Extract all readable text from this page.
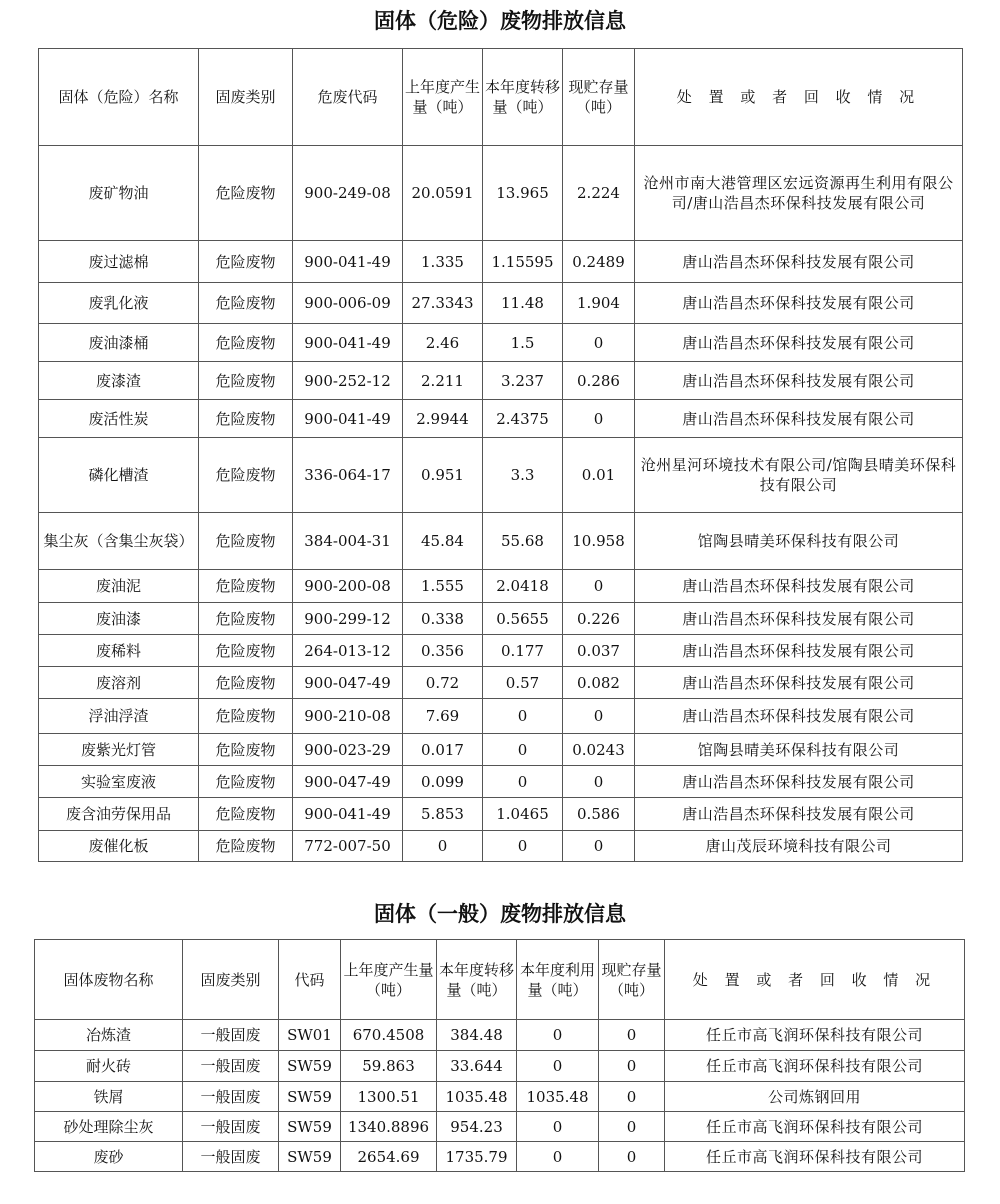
固体（危险）废物排放信息
固体（危险）名称	固废类别	危废代码	上年度产生量（吨）	本年度转移量（吨）	现贮存量（吨）	处 置 或 者 回 收 情 况
废矿物油	危险废物	900-249-08	20.0591	13.965	2.224	沧州市南大港管理区宏远资源再生利用有限公司/唐山浩昌杰环保科技发展有限公司
废过滤棉	危险废物	900-041-49	1.335	1.15595	0.2489	唐山浩昌杰环保科技发展有限公司
废乳化液	危险废物	900-006-09	27.3343	11.48	1.904	唐山浩昌杰环保科技发展有限公司
废油漆桶	危险废物	900-041-49	2.46	1.5	0	唐山浩昌杰环保科技发展有限公司
废漆渣	危险废物	900-252-12	2.211	3.237	0.286	唐山浩昌杰环保科技发展有限公司
废活性炭	危险废物	900-041-49	2.9944	2.4375	0	唐山浩昌杰环保科技发展有限公司
磷化槽渣	危险废物	336-064-17	0.951	3.3	0.01	沧州星河环境技术有限公司/馆陶县晴美环保科技有限公司
集尘灰（含集尘灰袋）	危险废物	384-004-31	45.84	55.68	10.958	馆陶县晴美环保科技有限公司
废油泥	危险废物	900-200-08	1.555	2.0418	0	唐山浩昌杰环保科技发展有限公司
废油漆	危险废物	900-299-12	0.338	0.5655	0.226	唐山浩昌杰环保科技发展有限公司
废稀料	危险废物	264-013-12	0.356	0.177	0.037	唐山浩昌杰环保科技发展有限公司
废溶剂	危险废物	900-047-49	0.72	0.57	0.082	唐山浩昌杰环保科技发展有限公司
浮油浮渣	危险废物	900-210-08	7.69	0	0	唐山浩昌杰环保科技发展有限公司
废紫光灯管	危险废物	900-023-29	0.017	0	0.0243	馆陶县晴美环保科技有限公司
实验室废液	危险废物	900-047-49	0.099	0	0	唐山浩昌杰环保科技发展有限公司
废含油劳保用品	危险废物	900-041-49	5.853	1.0465	0.586	唐山浩昌杰环保科技发展有限公司
废催化板	危险废物	772-007-50	0	0	0	唐山茂辰环境科技有限公司
固体（一般）废物排放信息
固体废物名称	固废类别	代码	上年度产生量（吨）	本年度转移量（吨）	本年度利用量（吨）	现贮存量（吨）	处 置 或 者 回 收 情 况
冶炼渣	一般固废	SW01	670.4508	384.48	0	0	任丘市高飞润环保科技有限公司
耐火砖	一般固废	SW59	59.863	33.644	0	0	任丘市高飞润环保科技有限公司
铁屑	一般固废	SW59	1300.51	1035.48	1035.48	0	公司炼钢回用
砂处理除尘灰	一般固废	SW59	1340.8896	954.23	0	0	任丘市高飞润环保科技有限公司
废砂	一般固废	SW59	2654.69	1735.79	0	0	任丘市高飞润环保科技有限公司
